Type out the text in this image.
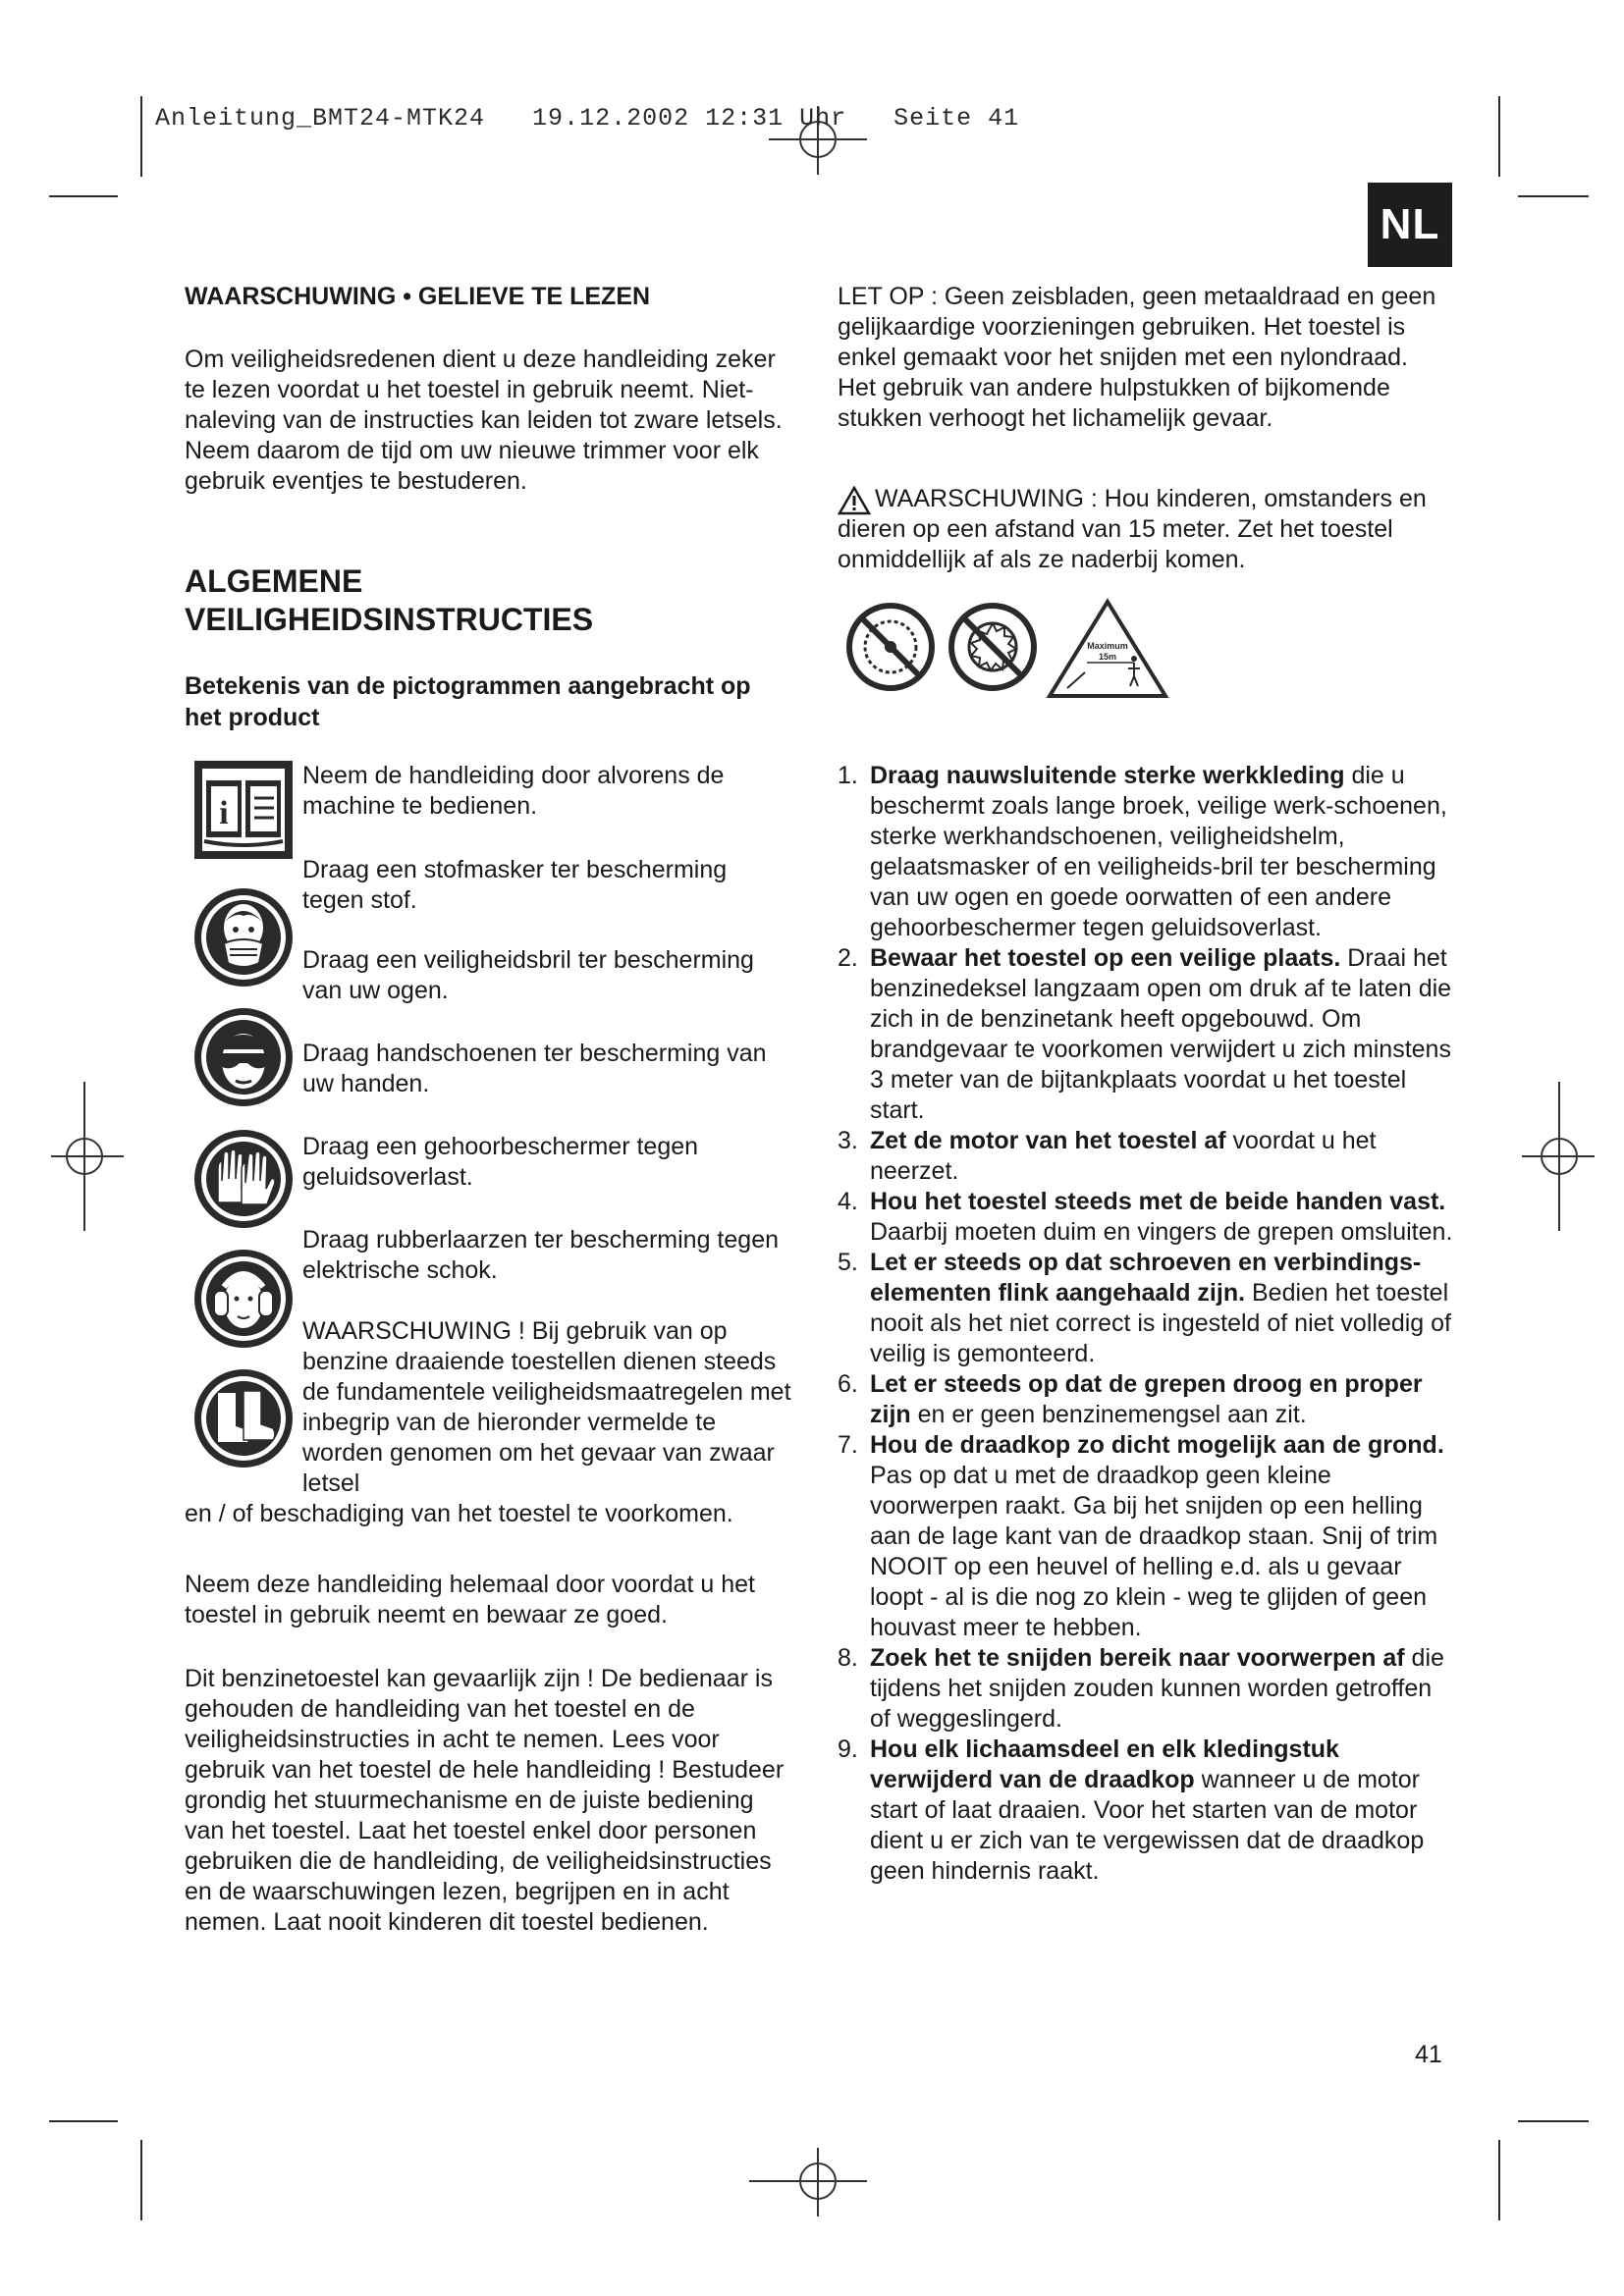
Anleitung_BMT24-MTK24   19.12.2002 12:31 Uhr   Seite 41
NL
WAARSCHUWING • GELIEVE TE LEZEN

Om veiligheidsredenen dient u deze handleiding zeker te lezen voordat u het toestel in gebruik neemt. Niet-naleving van de instructies kan leiden tot zware letsels. Neem daarom de tijd om uw nieuwe trimmer voor elk gebruik eventjes te bestuderen.

ALGEMENE
VEILIGHEIDSINSTRUCTIES
Betekenis van de pictogrammen aangebracht op het product
i

Neem de handleiding door alvorens de machine te bedienen.

Draag een stofmasker ter bescherming tegen stof.

Draag een veiligheidsbril ter bescherming van uw ogen.

Draag handschoenen ter bescherming van uw handen.

Draag een gehoorbeschermer tegen geluidsoverlast.

Draag rubberlaarzen ter bescherming tegen elektrische schok.

WAARSCHUWING ! Bij gebruik van op benzine draaiende toestellen dienen steeds de fundamentele veiligheidsmaatregelen met inbegrip van de hieronder vermelde te worden genomen om het gevaar van zwaar letsel

en / of beschadiging van het toestel te voorkomen.

Neem deze handleiding helemaal door voordat u het toestel in gebruik neemt en bewaar ze goed.

Dit benzinetoestel kan gevaarlijk zijn ! De bedienaar is gehouden de handleiding van het toestel en de veiligheidsinstructies in acht te nemen. Lees voor gebruik van het toestel de hele handleiding ! Bestudeer grondig het stuurmechanisme en de juiste bediening van het toestel. Laat het toestel enkel door personen gebruiken die de handleiding, de veiligheidsinstructies en de waarschuwingen lezen, begrijpen en in acht nemen. Laat nooit kinderen dit toestel bedienen.

LET OP : Geen zeisbladen, geen metaaldraad en geen gelijkaardige voorzieningen gebruiken. Het toestel is enkel gemaakt voor het snijden met een nylondraad. Het gebruik van andere hulpstukken of bijkomende stukken verhoogt het lichamelijk gevaar.

WAARSCHUWING : Hou kinderen, omstanders en dieren op een afstand van 15 meter. Zet het toestel onmiddellijk af als ze naderbij komen.

Maximum
15m
1. Draag nauwsluitende sterke werkkleding die u beschermt zoals lange broek, veilige werk-schoenen, sterke werkhandschoenen, veiligheidshelm, gelaatsmasker of en veiligheids-bril ter bescherming van uw ogen en goede oorwatten of een andere gehoorbeschermer tegen geluidsoverlast.
2. Bewaar het toestel op een veilige plaats. Draai het benzinedeksel langzaam open om druk af te laten die zich in de benzinetank heeft opgebouwd. Om brandgevaar te voorkomen verwijdert u zich minstens 3 meter van de bijtankplaats voordat u het toestel start.
3. Zet de motor van het toestel af voordat u het neerzet.
4. Hou het toestel steeds met de beide handen vast. Daarbij moeten duim en vingers de grepen omsluiten.
5. Let er steeds op dat schroeven en verbindings-elementen flink aangehaald zijn. Bedien het toestel nooit als het niet correct is ingesteld of niet volledig of veilig is gemonteerd.
6. Let er steeds op dat de grepen droog en proper zijn en er geen benzinemengsel aan zit.
7. Hou de draadkop zo dicht mogelijk aan de grond. Pas op dat u met de draadkop geen kleine voorwerpen raakt. Ga bij het snijden op een helling aan de lage kant van de draadkop staan. Snij of trim NOOIT op een heuvel of helling e.d. als u gevaar loopt - al is die nog zo klein - weg te glijden of geen houvast meer te hebben.
8. Zoek het te snijden bereik naar voorwerpen af die tijdens het snijden zouden kunnen worden getroffen of weggeslingerd.
9. Hou elk lichaamsdeel en elk kledingstuk verwijderd van de draadkop wanneer u de motor start of laat draaien. Voor het starten van de motor dient u er zich van te vergewissen dat de draadkop geen hindernis raakt.
41
